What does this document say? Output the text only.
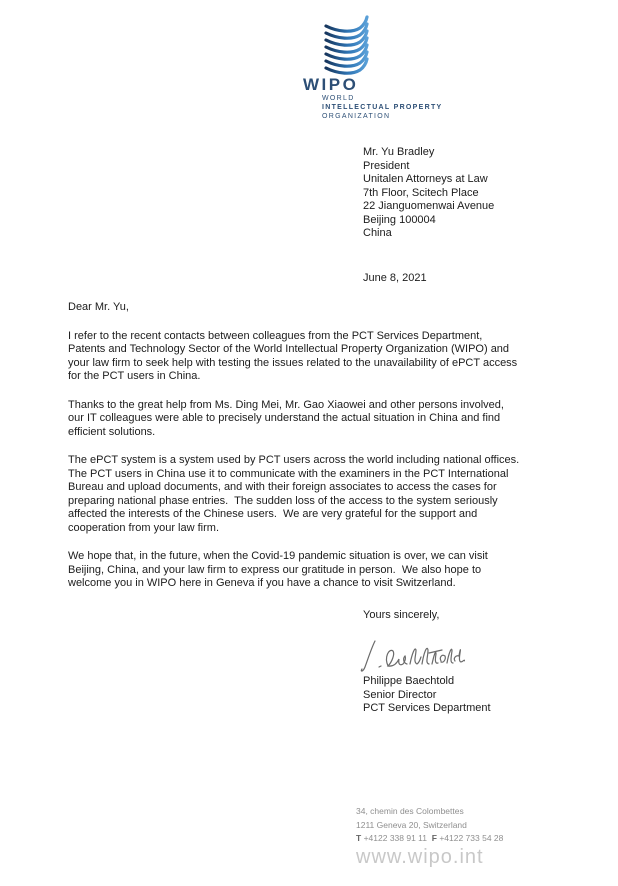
WIPO
WORLD
INTELLECTUAL PROPERTY
ORGANIZATION
Mr. Yu Bradley
President
Unitalen Attorneys at Law
7th Floor, Scitech Place
22 Jianguomenwai Avenue
Beijing 100004
China
June 8, 2021
Dear Mr. Yu,
I refer to the recent contacts between colleagues from the PCT Services Department,
Patents and Technology Sector of the World Intellectual Property Organization (WIPO) and
your law firm to seek help with testing the issues related to the unavailability of ePCT access
for the PCT users in China.
Thanks to the great help from Ms. Ding Mei, Mr. Gao Xiaowei and other persons involved,
our IT colleagues were able to precisely understand the actual situation in China and find
efficient solutions.
The ePCT system is a system used by PCT users across the world including national offices.
The PCT users in China use it to communicate with the examiners in the PCT International
Bureau and upload documents, and with their foreign associates to access the cases for
preparing national phase entries.  The sudden loss of the access to the system seriously
affected the interests of the Chinese users.  We are very grateful for the support and
cooperation from your law firm.
We hope that, in the future, when the Covid-19 pandemic situation is over, we can visit
Beijing, China, and your law firm to express our gratitude in person.  We also hope to
welcome you in WIPO here in Geneva if you have a chance to visit Switzerland.
Yours sincerely,
Philippe Baechtold
Senior Director
PCT Services Department
34, chemin des Colombettes
1211 Geneva 20, Switzerland
T +4122 338 91 11 F +4122 733 54 28
www.wipo.int
